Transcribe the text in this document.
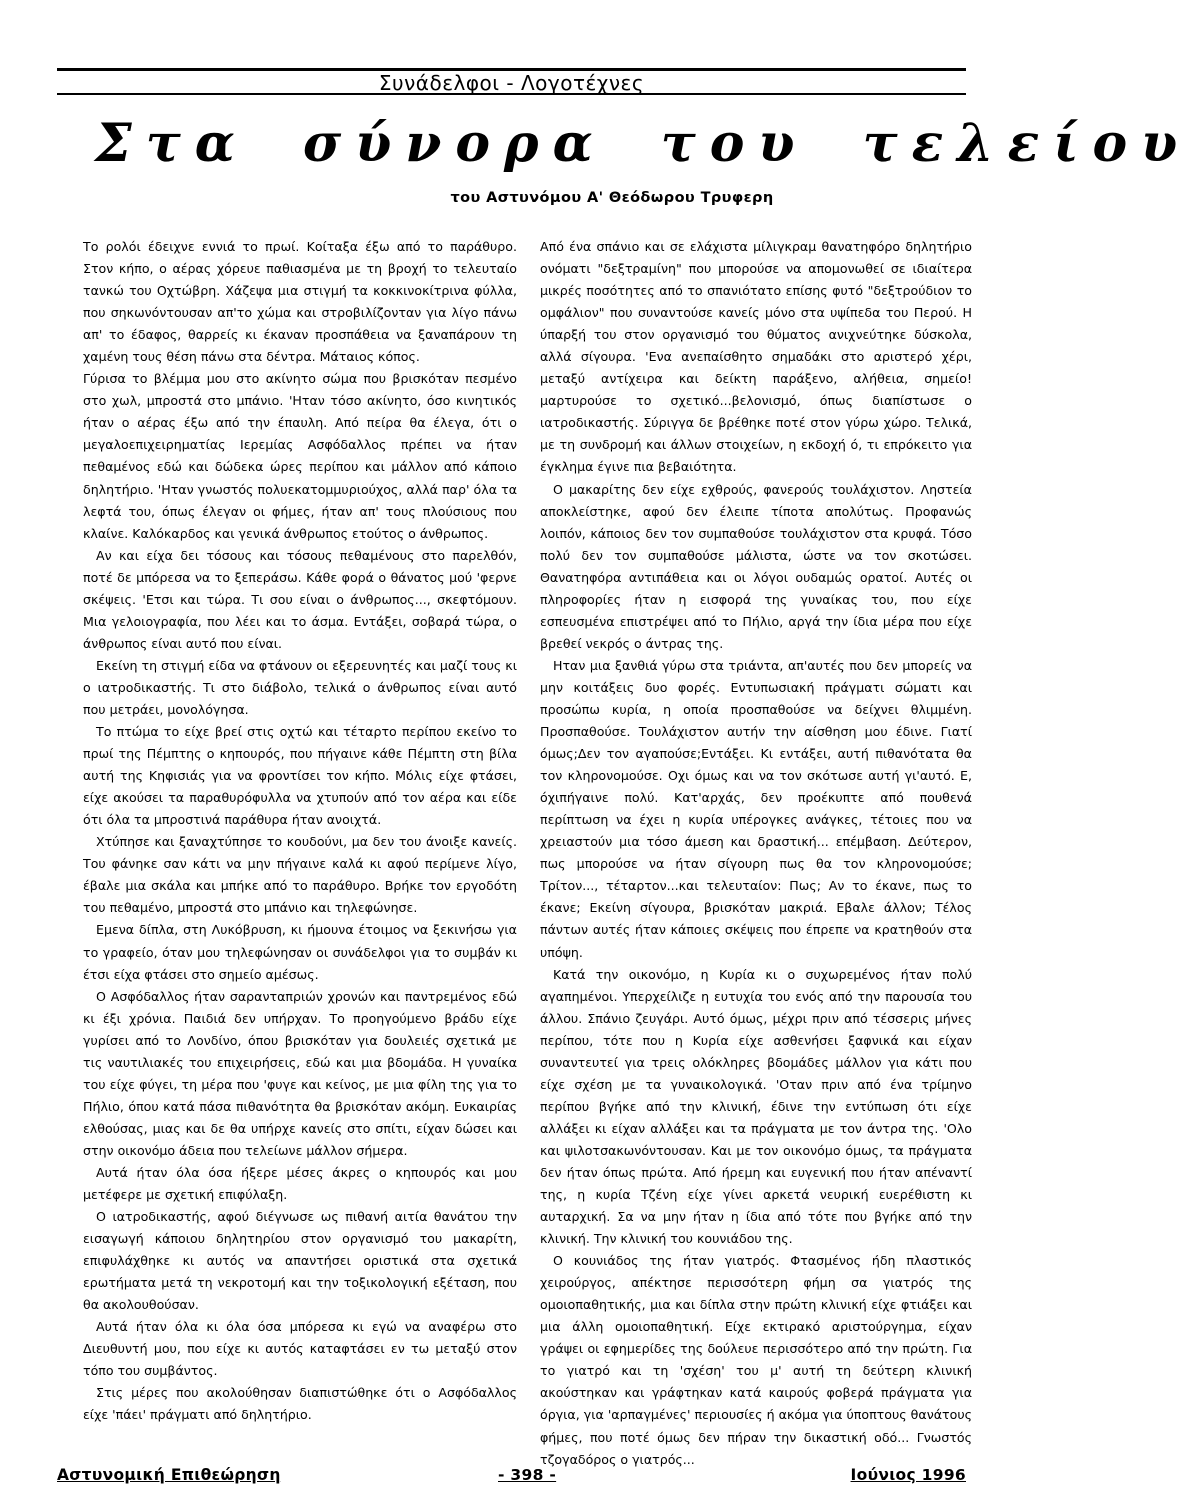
Συνάδελφοι - Λογοτέχνες
Στα σύνορα του τελείου
του Αστυνόμου Α' Θεόδωρου Τρυφερη

Το ρολόι έδειχνε εννιά το πρωί. Κοίταξα έξω από το παράθυρο. Στον κήπο, ο αέρας χόρευε παθιασμένα με τη βροχή το τελευταίο τανκώ του Οχτώβρη. Χάζεψα μια στιγμή τα κοκκινοκίτρινα φύλλα, που σηκωνόντουσαν απ'το χώμα και στροβιλίζονταν για λίγο πάνω απ' το έδαφος, θαρρείς κι έκαναν προσπάθεια να ξαναπάρουν τη χαμένη τους θέση πάνω στα δέντρα. Μάταιος κόπος.

Γύρισα το βλέμμα μου στο ακίνητο σώμα που βρισκόταν πεσμένο στο χωλ, μπροστά στο μπάνιο. 'Ηταν τόσο ακίνητο, όσο κινητικός ήταν ο αέρας έξω από την έπαυλη. Από πείρα θα έλεγα, ότι ο μεγαλοεπιχειρηματίας Ιερεμίας Ασφόδαλλος πρέπει να ήταν πεθαμένος εδώ και δώδεκα ώρες περίπου και μάλλον από κάποιο δηλητήριο. 'Ηταν γνωστός πολυεκατομμυριούχος, αλλά παρ' όλα τα λεφτά του, όπως έλεγαν οι φήμες, ήταν απ' τους πλούσιους που κλαίνε. Καλόκαρδος και γενικά άνθρωπος ετούτος ο άνθρωπος.

Αν και είχα δει τόσους και τόσους πεθαμένους στο παρελθόν, ποτέ δε μπόρεσα να το ξεπεράσω. Κάθε φορά ο θάνατος μού 'φερνε σκέψεις. 'Ετσι και τώρα. Τι σου είναι ο άνθρωπος..., σκεφτόμουν. Μια γελοιογραφία, που λέει και το άσμα. Εντάξει, σοβαρά τώρα, ο άνθρωπος είναι αυτό που είναι.

Εκείνη τη στιγμή είδα να φτάνουν οι εξερευνητές και μαζί τους κι ο ιατροδικαστής. Τι στο διάβολο, τελικά ο άνθρωπος είναι αυτό που μετράει, μονολόγησα.

Το πτώμα το είχε βρεί στις οχτώ και τέταρτο περίπου εκείνο το πρωί της Πέμπτης ο κηπουρός, που πήγαινε κάθε Πέμπτη στη βίλα αυτή της Κηφισιάς για να φροντίσει τον κήπο. Μόλις είχε φτάσει, είχε ακούσει τα παραθυρόφυλλα να χτυπούν από τον αέρα και είδε ότι όλα τα μπροστινά παράθυρα ήταν ανοιχτά.

Χτύπησε και ξαναχτύπησε το κουδούνι, μα δεν του άνοιξε κανείς. Του φάνηκε σαν κάτι να μην πήγαινε καλά κι αφού περίμενε λίγο, έβαλε μια σκάλα και μπήκε από το παράθυρο. Βρήκε τον εργοδότη του πεθαμένο, μπροστά στο μπάνιο και τηλεφώνησε.

Εμενα δίπλα, στη Λυκόβρυση, κι ήμουνα έτοιμος να ξεκινήσω για το γραφείο, όταν μου τηλεφώνησαν οι συνάδελφοι για το συμβάν κι έτσι είχα φτάσει στο σημείο αμέσως.

Ο Ασφόδαλλος ήταν σαρανταπριών χρονών και παντρεμένος εδώ κι έξι χρόνια. Παιδιά δεν υπήρχαν. Το προηγούμενο βράδυ είχε γυρίσει από το Λονδίνο, όπου βρισκόταν για δουλειές σχετικά με τις ναυτιλιακές του επιχειρήσεις, εδώ και μια βδομάδα. Η γυναίκα του είχε φύγει, τη μέρα που 'φυγε και κείνος, με μια φίλη της για το Πήλιο, όπου κατά πάσα πιθανότητα θα βρισκόταν ακόμη. Ευκαιρίας ελθούσας, μιας και δε θα υπήρχε κανείς στο σπίτι, είχαν δώσει και στην οικονόμο άδεια που τελείωνε μάλλον σήμερα.

Αυτά ήταν όλα όσα ήξερε μέσες άκρες ο κηπουρός και μου μετέφερε με σχετική επιφύλαξη.

Ο ιατροδικαστής, αφού διέγνωσε ως πιθανή αιτία θανάτου την εισαγωγή κάποιου δηλητηρίου στον οργανισμό του μακαρίτη, επιφυλάχθηκε κι αυτός να απαντήσει οριστικά στα σχετικά ερωτήματα μετά τη νεκροτομή και την τοξικολογική εξέταση, που θα ακολουθούσαν.

Αυτά ήταν όλα κι όλα όσα μπόρεσα κι εγώ να αναφέρω στο Διευθυντή μου, που είχε κι αυτός καταφτάσει εν τω μεταξύ στον τόπο του συμβάντος.

Στις μέρες που ακολούθησαν διαπιστώθηκε ότι ο Ασφόδαλλος είχε 'πάει' πράγματι από δηλητήριο.

Από ένα σπάνιο και σε ελάχιστα μίλιγκραμ θανατηφόρο δηλητήριο ονόματι "δεξτραμίνη" που μπορούσε να απομονωθεί σε ιδιαίτερα μικρές ποσότητες από το σπανιότατο επίσης φυτό "δεξτρούδιον το ομφάλιον" που συναντούσε κανείς μόνο στα υψίπεδα του Περού. Η ύπαρξή του στον οργανισμό του θύματος ανιχνεύτηκε δύσκολα, αλλά σίγουρα. 'Ενα ανεπαίσθητο σημαδάκι στο αριστερό χέρι, μεταξύ αντίχειρα και δείκτη παράξενο, αλήθεια, σημείο! μαρτυρούσε το σχετικό...βελονισμό, όπως διαπίστωσε ο ιατροδικαστής. Σύριγγα δε βρέθηκε ποτέ στον γύρω χώρο. Τελικά, με τη συνδρομή και άλλων στοιχείων, η εκδοχή ό, τι επρόκειτο για έγκλημα έγινε πια βεβαιότητα.

Ο μακαρίτης δεν είχε εχθρούς, φανερούς τουλάχιστον. Ληστεία αποκλείστηκε, αφού δεν έλειπε τίποτα απολύτως. Προφανώς λοιπόν, κάποιος δεν τον συμπαθούσε τουλάχιστον στα κρυφά. Τόσο πολύ δεν τον συμπαθούσε μάλιστα, ώστε να τον σκοτώσει. Θανατηφόρα αντιπάθεια και οι λόγοι ουδαμώς ορατοί. Αυτές οι πληροφορίες ήταν η εισφορά της γυναίκας του, που είχε εσπευσμένα επιστρέψει από το Πήλιο, αργά την ίδια μέρα που είχε βρεθεί νεκρός ο άντρας της.

Ηταν μια ξανθιά γύρω στα τριάντα, απ'αυτές που δεν μπορείς να μην κοιτάξεις δυο φορές. Εντυπωσιακή πράγματι σώματι και προσώπω κυρία, η οποία προσπαθούσε να δείχνει θλιμμένη. Προσπαθούσε. Τουλάχιστον αυτήν την αίσθηση μου έδινε. Γιατί όμως;Δεν τον αγαπούσε;Εντάξει. Κι εντάξει, αυτή πιθανότατα θα τον κληρονομούσε. Οχι όμως και να τον σκότωσε αυτή γι'αυτό. Ε, όχιπήγαινε πολύ. Κατ'αρχάς, δεν προέκυπτε από πουθενά περίπτωση να έχει η κυρία υπέρογκες ανάγκες, τέτοιες που να χρειαστούν μια τόσο άμεση και δραστική... επέμβαση. Δεύτερον, πως μπορούσε να ήταν σίγουρη πως θα τον κληρονομούσε; Τρίτον..., τέταρτον...και τελευταίον: Πως; Αν το έκανε, πως το έκανε; Εκείνη σίγουρα, βρισκόταν μακριά. Εβαλε άλλον; Τέλος πάντων αυτές ήταν κάποιες σκέψεις που έπρεπε να κρατηθούν στα υπόψη.

Κατά την οικονόμο, η Κυρία κι ο συχωρεμένος ήταν πολύ αγαπημένοι. Υπερχείλιζε η ευτυχία του ενός από την παρουσία του άλλου. Σπάνιο ζευγάρι. Αυτό όμως, μέχρι πριν από τέσσερις μήνες περίπου, τότε που η Κυρία είχε ασθενήσει ξαφνικά και είχαν συναντευτεί για τρεις ολόκληρες βδομάδες μάλλον για κάτι που είχε σχέση με τα γυναικολογικά. 'Οταν πριν από ένα τρίμηνο περίπου βγήκε από την κλινική, έδινε την εντύπωση ότι είχε αλλάξει κι είχαν αλλάξει και τα πράγματα με τον άντρα της. 'Ολο και ψιλοτσακωνόντουσαν. Και με τον οικονόμο όμως, τα πράγματα δεν ήταν όπως πρώτα. Από ήρεμη και ευγενική που ήταν απέναντί της, η κυρία Τζένη είχε γίνει αρκετά νευρική ευερέθιστη κι αυταρχική. Σα να μην ήταν η ίδια από τότε που βγήκε από την κλινική. Την κλινική του κουνιάδου της.

Ο κουνιάδος της ήταν γιατρός. Φτασμένος ήδη πλαστικός χειρούργος, απέκτησε περισσότερη φήμη σα γιατρός της ομοιοπαθητικής, μια και δίπλα στην πρώτη κλινική είχε φτιάξει και μια άλλη ομοιοπαθητική. Είχε εκτιρακό αριστούργημα, είχαν γράψει οι εφημερίδες της δούλευε περισσότερο από την πρώτη. Για το γιατρό και τη 'σχέση' του μ' αυτή τη δεύτερη κλινική ακούστηκαν και γράφτηκαν κατά καιρούς φοβερά πράγματα για όργια, για 'αρπαγμένες' περιουσίες ή ακόμα για ύποπτους θανάτους φήμες, που ποτέ όμως δεν πήραν την δικαστική οδό... Γνωστός τζογαδόρος ο γιατρός...

Αστυνομική Επιθεώρηση	- 398 -	Ιούνιος 1996
